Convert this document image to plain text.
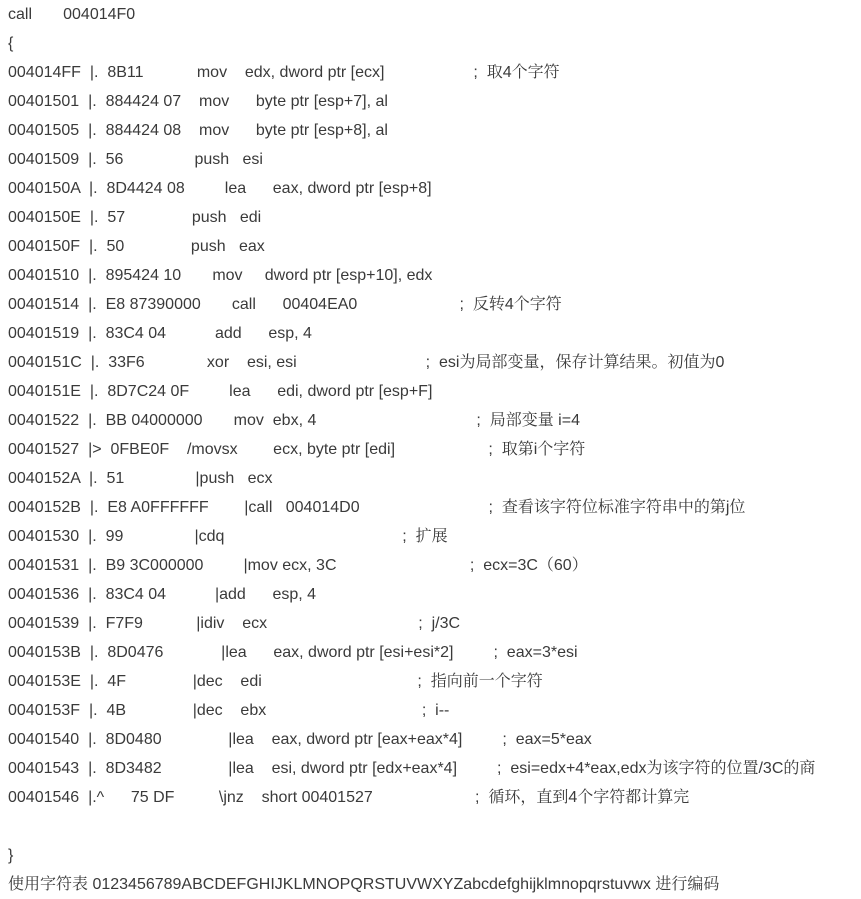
call       004014F0
{
004014FF  |.  8B11            mov    edx, dword ptr [ecx]                    ;  取4个字符
00401501  |.  884424 07    mov      byte ptr [esp+7], al
00401505  |.  884424 08    mov      byte ptr [esp+8], al
00401509  |.  56                push   esi
0040150A  |.  8D4424 08         lea      eax, dword ptr [esp+8]
0040150E  |.  57               push   edi
0040150F  |.  50               push   eax
00401510  |.  895424 10       mov     dword ptr [esp+10], edx
00401514  |.  E8 87390000       call      00404EA0                       ;  反转4个字符
00401519  |.  83C4 04           add      esp, 4
0040151C  |.  33F6              xor    esi, esi                             ;  esi为局部变量，保存计算结果。初值为0
0040151E  |.  8D7C24 0F         lea      edi, dword ptr [esp+F]
00401522  |.  BB 04000000       mov  ebx, 4                                    ;  局部变量 i=4
00401527  |>  0FBE0F    /movsx        ecx, byte ptr [edi]                     ;  取第i个字符
0040152A  |.  51                |push   ecx
0040152B  |.  E8 A0FFFFFF        |call   004014D0                             ;  查看该字符位标准字符串中的第j位
00401530  |.  99                |cdq                                        ;  扩展
00401531  |.  B9 3C000000         |mov ecx, 3C                              ;  ecx=3C（60）
00401536  |.  83C4 04           |add      esp, 4
00401539  |.  F7F9            |idiv    ecx                                  ;  j/3C
0040153B  |.  8D0476             |lea      eax, dword ptr [esi+esi*2]         ;  eax=3*esi
0040153E  |.  4F               |dec    edi                                   ;  指向前一个字符
0040153F  |.  4B               |dec    ebx                                   ;  i--
00401540  |.  8D0480               |lea    eax, dword ptr [eax+eax*4]         ;  eax=5*eax
00401543  |.  8D3482               |lea    esi, dword ptr [edx+eax*4]         ;  esi=edx+4*eax,edx为该字符的位置/3C的商
00401546  |.^      75 DF          \jnz    short 00401527                       ;  循环，直到4个字符都计算完
}
使用字符表 0123456789ABCDEFGHIJKLMNOPQRSTUVWXYZabcdefghijklmnopqrstuvwx 进行编码
